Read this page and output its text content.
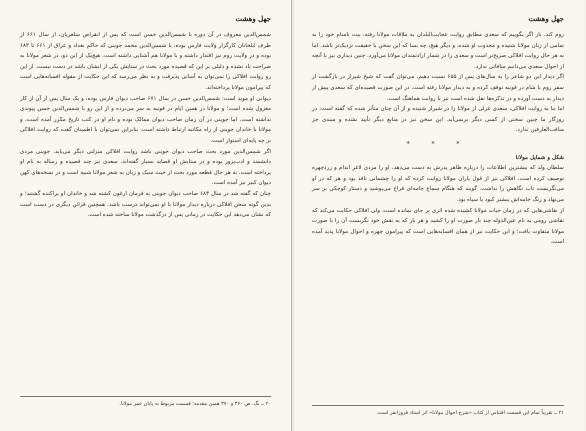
جهل وهشت

شمس‌الدین معروف در آن دوره با شمس‌الدین حسن است که پس از انقراض سلغریان، از سال ۶۶۱ از طرف ایلخانان کارگزار ولایت فارس بوده، یا شمس‌الدین محمد جوینی که حاکم بغداد و عراق از ۶۶۱ تا ۶۸۳ بوده و در ولایت روم نیز اقتدار داشته و با مولانا هم آشنایی داشته است. هیچ‌یک از این دو، در شعر مولانا به صراحت یاد نشده و دلیلی بر این که قصیده مورد بحث در ستایش یکی از ایشان باشد در دست نیست. از این رو روایت افلاکی را نمی‌توان به آسانی پذیرفت و به نظر می‌رسد که این حکایت از مقوله افسانه‌هایی است که پیرامون مولانا پرداخته‌اند.

دیوانی او موید است: شمس‌الدین حسن در سال ۶۷۱ صاحب دیوان فارس بوده، و یک سال پس از آن از کار معزول شده است؛ و مولانا در همین ایام در قونیه به سر می‌برده و از این رو با شمس‌الدین حسن پیوندی نداشته است. اما جوینی در آن زمان صاحب دیوان ممالک بوده و نام او در کتب تاریخ مکرر آمده است، و مولانا با خاندان جوینی از راه مکاتبه ارتباط داشته است. بنابراین نمی‌توان با اطمینان گفت که روایت افلاکی بر چه پایه‌ای استوار است.

اگر شمس‌الدین مورد بحث صاحب دیوان جوینی باشد روایت افلاکی منزلتی دیگر می‌یابد. جوینی مردی دانشمند و ادب‌پرور بوده و در ستایش او قصاید بسیار گفته‌اند. سعدی نیز چند قصیده و رساله به نام او پرداخته است. به هر حال قطعه مورد بحث از حیث سبک و زبان به شعر مولانا شبیه است و در نسخه‌های کهن دیوان کبیر نیز آمده است.

چنان که گفته شد در سال ۶۸۳ صاحب دیوان جوینی به فرمان ارغون کشته شد و خاندان او پراکنده گشتند؛ و بدین گونه سخن افلاکی درباره دیدار مولانا با او نمی‌تواند درست باشد. همچنین قرائن دیگری در دست است که نشان می‌دهد این حکایت در زمانی پس از درگذشت مولانا ساخته شده است.

۲۰ ــ نگ. ص ۳۶۰ و ۳۷۰ همین مقدمه؛ قسمت مربوط به پایان عمر مولانا.
جهل وهشت

روم کند. باز اگر بگوییم که سعدی مطابق روایت عجایب‌البلدان به ملاقات مولانا رفته، بیت نامنام خود را به تمامی از زبان مولانا شنیده و مجذوب او شده، و دیگر هیچ، چه بسا که این سخن با حقیقت نزدیک‌تر باشد. اما به هر حال روایت افلاکی صریح‌تر است و سعدی را در شمار ارادتمندان مولانا می‌آورد. چنین دیداری نیز با آنچه از احوال سعدی می‌دانیم منافاتی ندارد.

اگر دیدار این دو شاعر را به سال‌های پس از ۶۵۵ نسبت دهیم، می‌توان گفت که شیخ شیراز در بازگشت از سفر روم یا شام در قونیه توقف کرده و به دیدار مولانا رفته است. در این صورت قصیده‌ای که سعدی پیش از دیدار به دست آورده و در تذکره‌ها نقل شده است نیز با روایت هماهنگ است.

اما بنا به روایت افلاکی، سعدی غزلی از مولانا را در شیراز شنیده و از آن چنان متأثر شده که گفته است: در روزگار ما چنین سخنی از کسی دیگر برنمی‌آید. این سخن نیز در منابع دیگر تأیید نشده و سندی جز مناقب‌العارفین ندارد.

* * *

شکل و شمایل مولانا

سلطان ولد که بیشترین اطلاعات را درباره ظاهر پدرش به دست می‌دهد، او را مردی لاغر اندام و زردچهره توصیف کرده است. افلاکی نیز از قول یاران مولانا روایت کرده که او را چشمانی نافذ بود و هر که در او می‌نگریست تاب نگاهش را نداشت. گویند که هنگام سماع جامه‌ای فراخ می‌پوشید و دستار کوچکی بر سر می‌نهاد و رنگ جامه‌اش بیشتر کبود یا سیاه بود.

از نقاشی‌هایی که در زمان حیات مولانا کشیده شده اثری بر جای نمانده است، ولی افلاکی حکایت می‌کند که نقاشی رومی به نام عین‌الدوله چند بار صورت او را کشید و هر بار که به نقش خود نگریست آن را با صورت مولانا متفاوت یافت؛ و این حکایت نیز از همان افسانه‌هایی است که پیرامون چهره و احوال مولانا پدید آمده است.

۲۱ ــ تقریباً تمام این قسمت اقتباس از کتاب «شرح احوال مولانا» اثر استاد فروزانفر است.
